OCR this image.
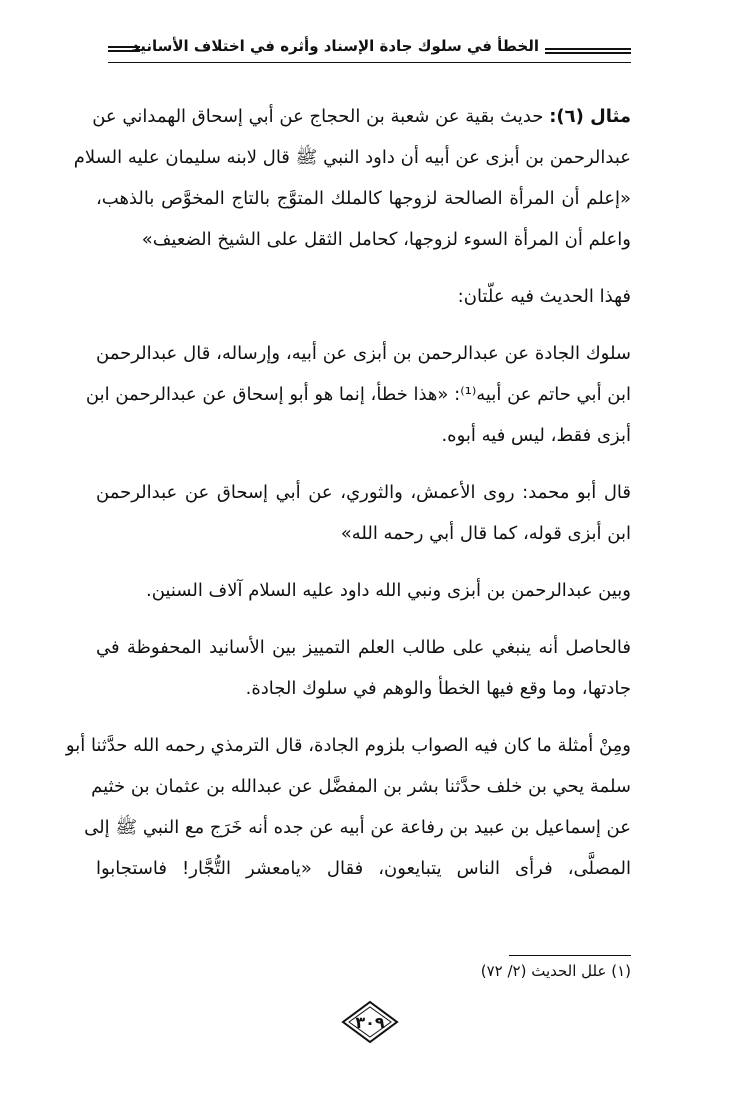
الخطأ في سلوك جادة الإسناد وأثره في اختلاف الأسانيد
مثال (٦): حديث بقية عن شعبة بن الحجاج عن أبي إسحاق الهمداني عن
عبدالرحمن بن أبزى عن أبيه أن داود النبي ﷺ قال لابنه سليمان عليه السلام
«إعلم أن المرأة الصالحة لزوجها كالملك المتوَّج بالتاج المخوَّص بالذهب،
واعلم أن المرأة السوء لزوجها، كحامل الثقل على الشيخ الضعيف»
فهذا الحديث فيه علّتان:
سلوك الجادة عن عبدالرحمن بن أبزى عن أبيه، وإرساله، قال عبدالرحمن
ابن أبي حاتم عن أبيه⁽¹⁾: «هذا خطأ، إنما هو أبو إسحاق عن عبدالرحمن ابن
أبزى فقط، ليس فيه أبوه.
قال أبو محمد: روى الأعمش، والثوري، عن أبي إسحاق عن عبدالرحمن
ابن أبزى قوله، كما قال أبي رحمه الله»
وبين عبدالرحمن بن أبزى ونبي الله داود عليه السلام آلاف السنين.
فالحاصل أنه ينبغي على طالب العلم التمييز بين الأسانيد المحفوظة في
جادتها، وما وقع فيها الخطأ والوهم في سلوك الجادة.
ومِنْ أمثلة ما كان فيه الصواب بلزوم الجادة، قال الترمذي رحمه الله حدَّثنا أبو
سلمة يحي بن خلف حدَّثنا بشر بن المفضَّل عن عبدالله بن عثمان بن خثيم
عن إسماعيل بن عبيد بن رفاعة عن أبيه عن جده أنه خَرَج مع النبي ﷺ إلى
المصلَّى، فرأى الناس يتبايعون، فقال «يامعشر التُّجَّار! فاستجابوا
(١) علل الحديث (٢/ ٧٢)
٣٠٩
